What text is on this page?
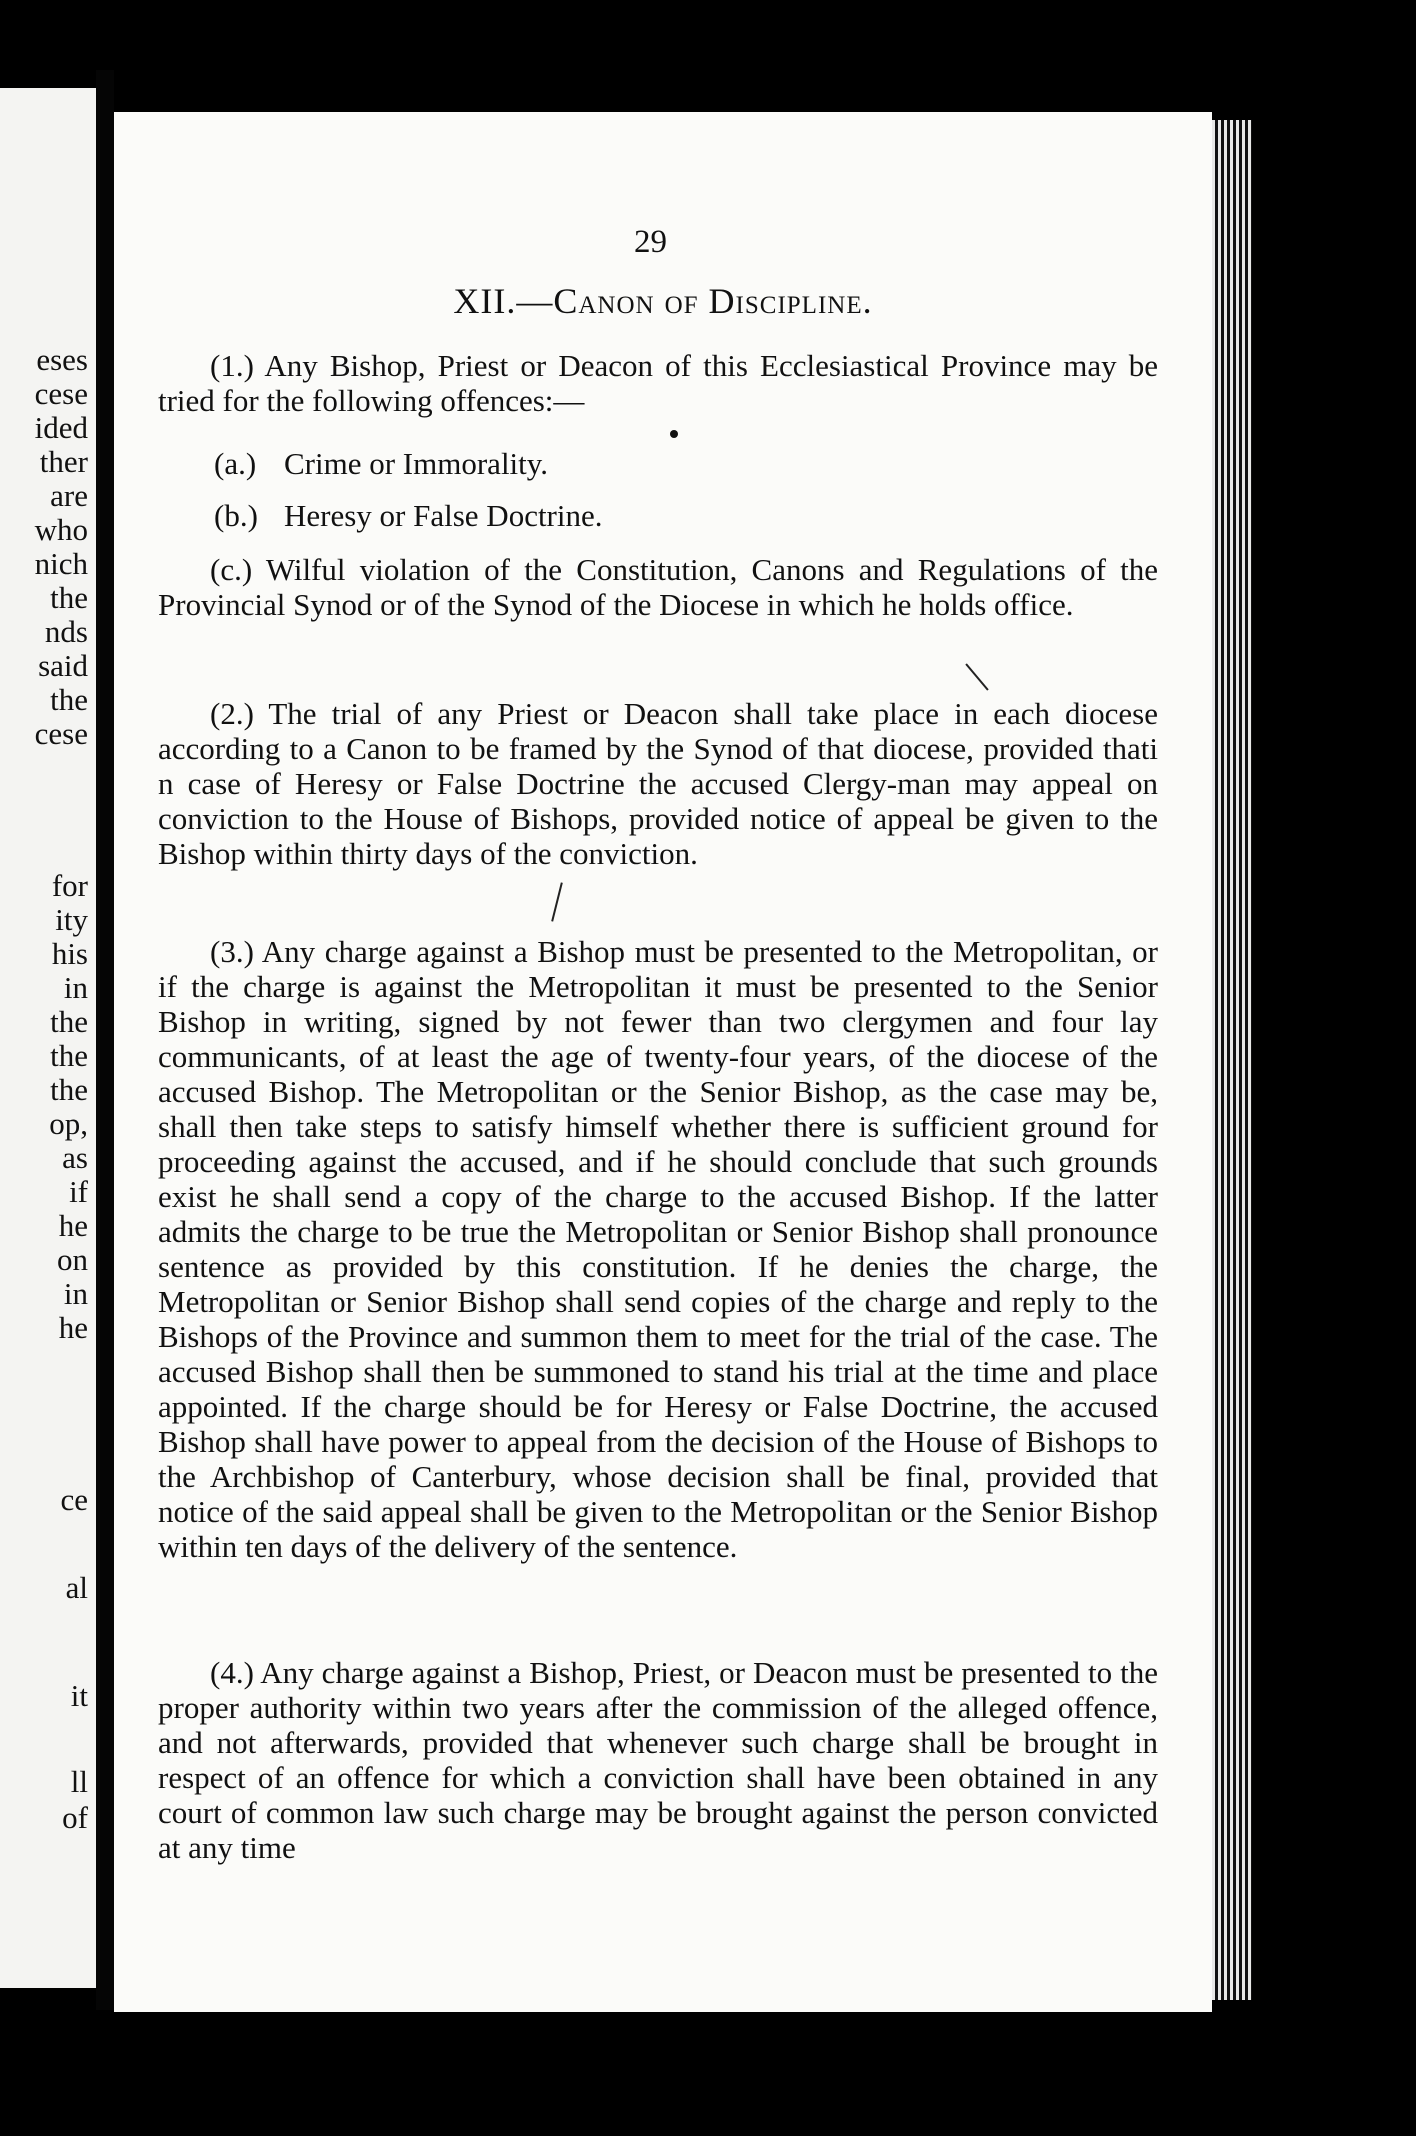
eses
cese
ided
ther
are
who
nich
the
nds
said
the
cese
for
ity
his
in
the
the
the
op,
as
if
he
on
in
he
ce
al
it
ll
of
29
XII.—Canon of Discipline.
(1.) Any Bishop, Priest or Deacon of this Ecclesiastical Province may be tried for the following offences:—
(a.) Crime or Immorality.
(b.) Heresy or False Doctrine.
(c.) Wilful violation of the Constitution, Canons and Regulations of the Provincial Synod or of the Synod of the Diocese in which he holds office.
(2.) The trial of any Priest or Deacon shall take place in each diocese according to a Canon to be framed by the Synod of that diocese, provided thati n case of Heresy or False Doctrine the accused Clergy-man may appeal on conviction to the House of Bishops, provided notice of appeal be given to the Bishop within thirty days of the conviction.
(3.) Any charge against a Bishop must be presented to the Metropolitan, or if the charge is against the Metropolitan it must be presented to the Senior Bishop in writing, signed by not fewer than two clergymen and four lay communicants, of at least the age of twenty-four years, of the diocese of the accused Bishop. The Metropolitan or the Senior Bishop, as the case may be, shall then take steps to satisfy himself whether there is sufficient ground for proceeding against the accused, and if he should conclude that such grounds exist he shall send a copy of the charge to the accused Bishop. If the latter admits the charge to be true the Metropolitan or Senior Bishop shall pronounce sentence as provided by this constitution. If he denies the charge, the Metropolitan or Senior Bishop shall send copies of the charge and reply to the Bishops of the Province and summon them to meet for the trial of the case. The accused Bishop shall then be summoned to stand his trial at the time and place appointed. If the charge should be for Heresy or False Doctrine, the accused Bishop shall have power to appeal from the decision of the House of Bishops to the Archbishop of Canterbury, whose decision shall be final, provided that notice of the said appeal shall be given to the Metropolitan or the Senior Bishop within ten days of the delivery of the sentence.
(4.) Any charge against a Bishop, Priest, or Deacon must be presented to the proper authority within two years after the commission of the alleged offence, and not afterwards, provided that whenever such charge shall be brought in respect of an offence for which a conviction shall have been obtained in any court of common law such charge may be brought against the person convicted at any time
